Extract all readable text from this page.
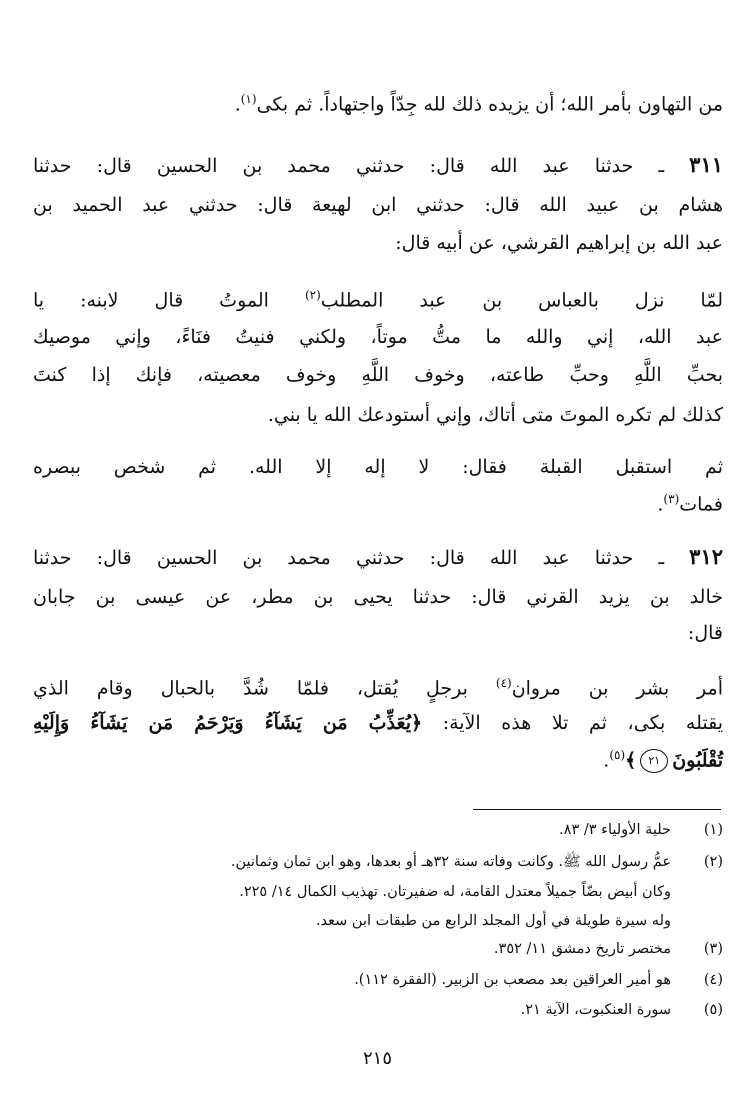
من التهاون بأمر الله؛ أن يزيده ذلك لله جِدّاً واجتهاداً. ثم بكى$^{(١)}$.
٣١١ ـ حدثنا عبد الله قال: حدثني محمد بن الحسين قال: حدثنا
هشام بن عبيد الله قال: حدثني ابن لهيعة قال: حدثني عبد الحميد بن
عبد الله بن إبراهيم القرشي، عن أبيه قال:
لمّا نزل بالعباس بن عبد المطلب$^{(٢)}$ الموتُ قال لابنه: يا
عبد الله، إني والله ما متُّ موتاً، ولكني فنيتُ فنَاءً، وإني موصيك
بحبِّ اللَّهِ وحبِّ طاعته، وخوف اللَّهِ وخوف معصيته، فإنك إذا كنتَ
كذلك لم تكره الموتَ متى أتاك، وإني أستودعك الله يا بني.
ثم استقبل القبلة فقال: لا إله إلا الله. ثم شخص ببصره
فمات$^{(٣)}$.
٣١٢ ـ حدثنا عبد الله قال: حدثني محمد بن الحسين قال: حدثنا
خالد بن يزيد القرني قال: حدثنا يحيى بن مطر، عن عيسى بن جابان
قال:
أمر بشر بن مروان$^{(٤)}$ برجلٍ يُقتل، فلمّا شُدَّ بالحبال وقام الذي
يقتله بكى، ثم تلا هذه الآية: ﴿يُعَذِّبُ مَن يَشَآءُ وَيَرْحَمُ مَن يَشَآءُ وَإِلَيْهِ
تُقْلَبُونَ٢١﴾$^{(٥)}$.
(١)حلية الأولياء ٣/ ٨٣.
(٢)عمُّ رسول الله ﷺ. وكانت وفاته سنة ٣٢هـ أو بعدها، وهو ابن ثمان وثمانين.
وكان أبيض بضّاً جميلاً معتدل القامة، له ضفيرتان. تهذيب الكمال ١٤/ ٢٢٥.
وله سيرة طويلة في أول المجلد الرابع من طبقات ابن سعد.
(٣)مختصر تاريخ دمشق ١١/ ٣٥٢.
(٤)هو أمير العراقين بعد مصعب بن الزبير. (الفقرة ١١٢).
(٥)سورة العنكبوت، الآية ٢١.
٢١٥
